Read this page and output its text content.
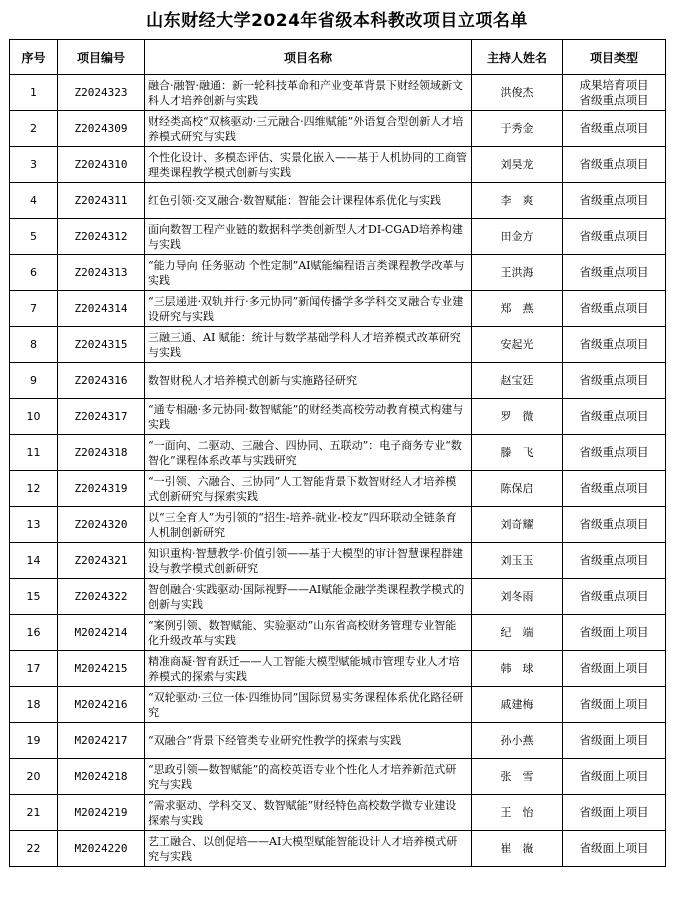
山东财经大学2024年省级本科教改项目立项名单
序号	项目编号	项目名称	主持人姓名	项目类型
1	Z2024323	融合·融智·融通：新一轮科技革命和产业变革背景下财经领域新文科人才培养创新与实践	洪俊杰	成果培育项目
省级重点项目

2	Z2024309	财经类高校“双核驱动·三元融合·四维赋能”外语复合型创新人才培养模式研究与实践	于秀金	省级重点项目

3	Z2024310	个性化设计、多模态评估、实景化嵌入——基于人机协同的工商管理类课程教学模式创新与实践	刘昊龙	省级重点项目

4	Z2024311	红色引领·交叉融合·数智赋能：智能会计课程体系优化与实践	李　爽	省级重点项目

5	Z2024312	面向数智工程产业链的数据科学类创新型人才DI-CGAD培养构建与实践	田金方	省级重点项目

6	Z2024313	“能力导向 任务驱动 个性定制”AI赋能编程语言类课程教学改革与实践	王洪海	省级重点项目

7	Z2024314	“三层递进·双轨并行·多元协同”新闻传播学多学科交叉融合专业建设研究与实践	郑　燕	省级重点项目

8	Z2024315	三融三通、AI 赋能：统计与数学基础学科人才培养模式改革研究与实践	安起光	省级重点项目

9	Z2024316	数智财税人才培养模式创新与实施路径研究	赵宝廷	省级重点项目

10	Z2024317	“通专相融·多元协同·数智赋能”的财经类高校劳动教育模式构建与实践	罗　微	省级重点项目

11	Z2024318	“一面向、二驱动、三融合、四协同、五联动”：电子商务专业“数智化”课程体系改革与实践研究	滕　飞	省级重点项目

12	Z2024319	“一引领、六融合、三协同”人工智能背景下数智财经人才培养模式创新研究与探索实践	陈保启	省级重点项目

13	Z2024320	以“三全育人”为引领的“招生-培养-就业-校友”四环联动全链条育人机制创新研究	刘奇耀	省级重点项目

14	Z2024321	知识重构·智慧教学·价值引领——基于大模型的审计智慧课程群建设与教学模式创新研究	刘玉玉	省级重点项目

15	Z2024322	智创融合·实践驱动·国际视野——AI赋能金融学类课程教学模式的创新与实践	刘冬雨	省级重点项目

16	M2024214	“案例引领、数智赋能、实验驱动”山东省高校财务管理专业智能化升级改革与实践	纪　端	省级面上项目

17	M2024215	精准商凝·智育跃迁——人工智能大模型赋能城市管理专业人才培养模式的探索与实践	韩　球	省级面上项目

18	M2024216	“双轮驱动·三位一体·四维协同”国际贸易实务课程体系优化路径研究	戚建梅	省级面上项目

19	M2024217	“双融合”背景下经管类专业研究性教学的探索与实践	孙小燕	省级面上项目

20	M2024218	“思政引领—数智赋能”的高校英语专业个性化人才培养新范式研究与实践	张　雪	省级面上项目

21	M2024219	“需求驱动、学科交叉、数智赋能”财经特色高校数学微专业建设探索与实践	王　怡	省级面上项目

22	M2024220	艺工融合、以创促培——AI大模型赋能智能设计人才培养模式研究与实践	崔　嶶	省级面上项目
